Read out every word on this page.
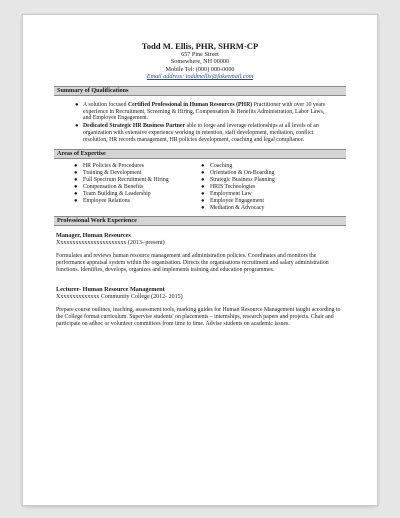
Todd M. Ellis, PHR, SHRM-CP
657 Pine Street
Somewhere, NH 00000
Mobile Tel: (000) 000-0000
Email address: toddmellis@fakeemail.com
Summary of Qualifications
● A solution focused Certified Professional in Human Resources (PHR) Practitioner with over 10 years experience in Recruitment, Screening & Hiring, Compensation & Benefits Administration, Labor Laws, and Employee Engagement.
● Dedicated Strategic HR Business Partner able to forge and leverage relationships at all levels of an organization with extensive experience working in retention, staff development, mediation, conflict resolution, HR records management, HR policies development, coaching and legal compliance.
Areas of Expertise
● HR Policies & Procedures
● Training & Development
● Full Spectrum Recruitment & Hiring
● Compensation & Benefits
● Team Building & Leadership
● Employee Relations
● Coaching
● Orientation & On-Boarding
● Strategic Business Planning
● HRIS Technologies
● Employment Law
● Employee Engagement
● Mediation & Advocacy
Professional Work Experience
Manager, Human Resources
Xxxxxxxxxxxxxxxxxxxxxxx (2013- present)
Formulates and reviews human resource management and administration policies. Coordinates and monitors the performance appraisal system within the organisation. Directs the organisations recruitment and salary administration functions. Identifies, develops, organizes and implements training and education programmes.
Lecturer- Human Resource Management
Xxxxxxxxxxxxxx Community College (2012- 2015)
Prepare course outlines, teaching, assessment tools, marking guides for Human Resource Management taught according to the College format curriculum. Supervise students' on placements – internships, research papers and projects. Chair and participate on adhoc or volunteer committees from time to time. Advise students on academic issues.
